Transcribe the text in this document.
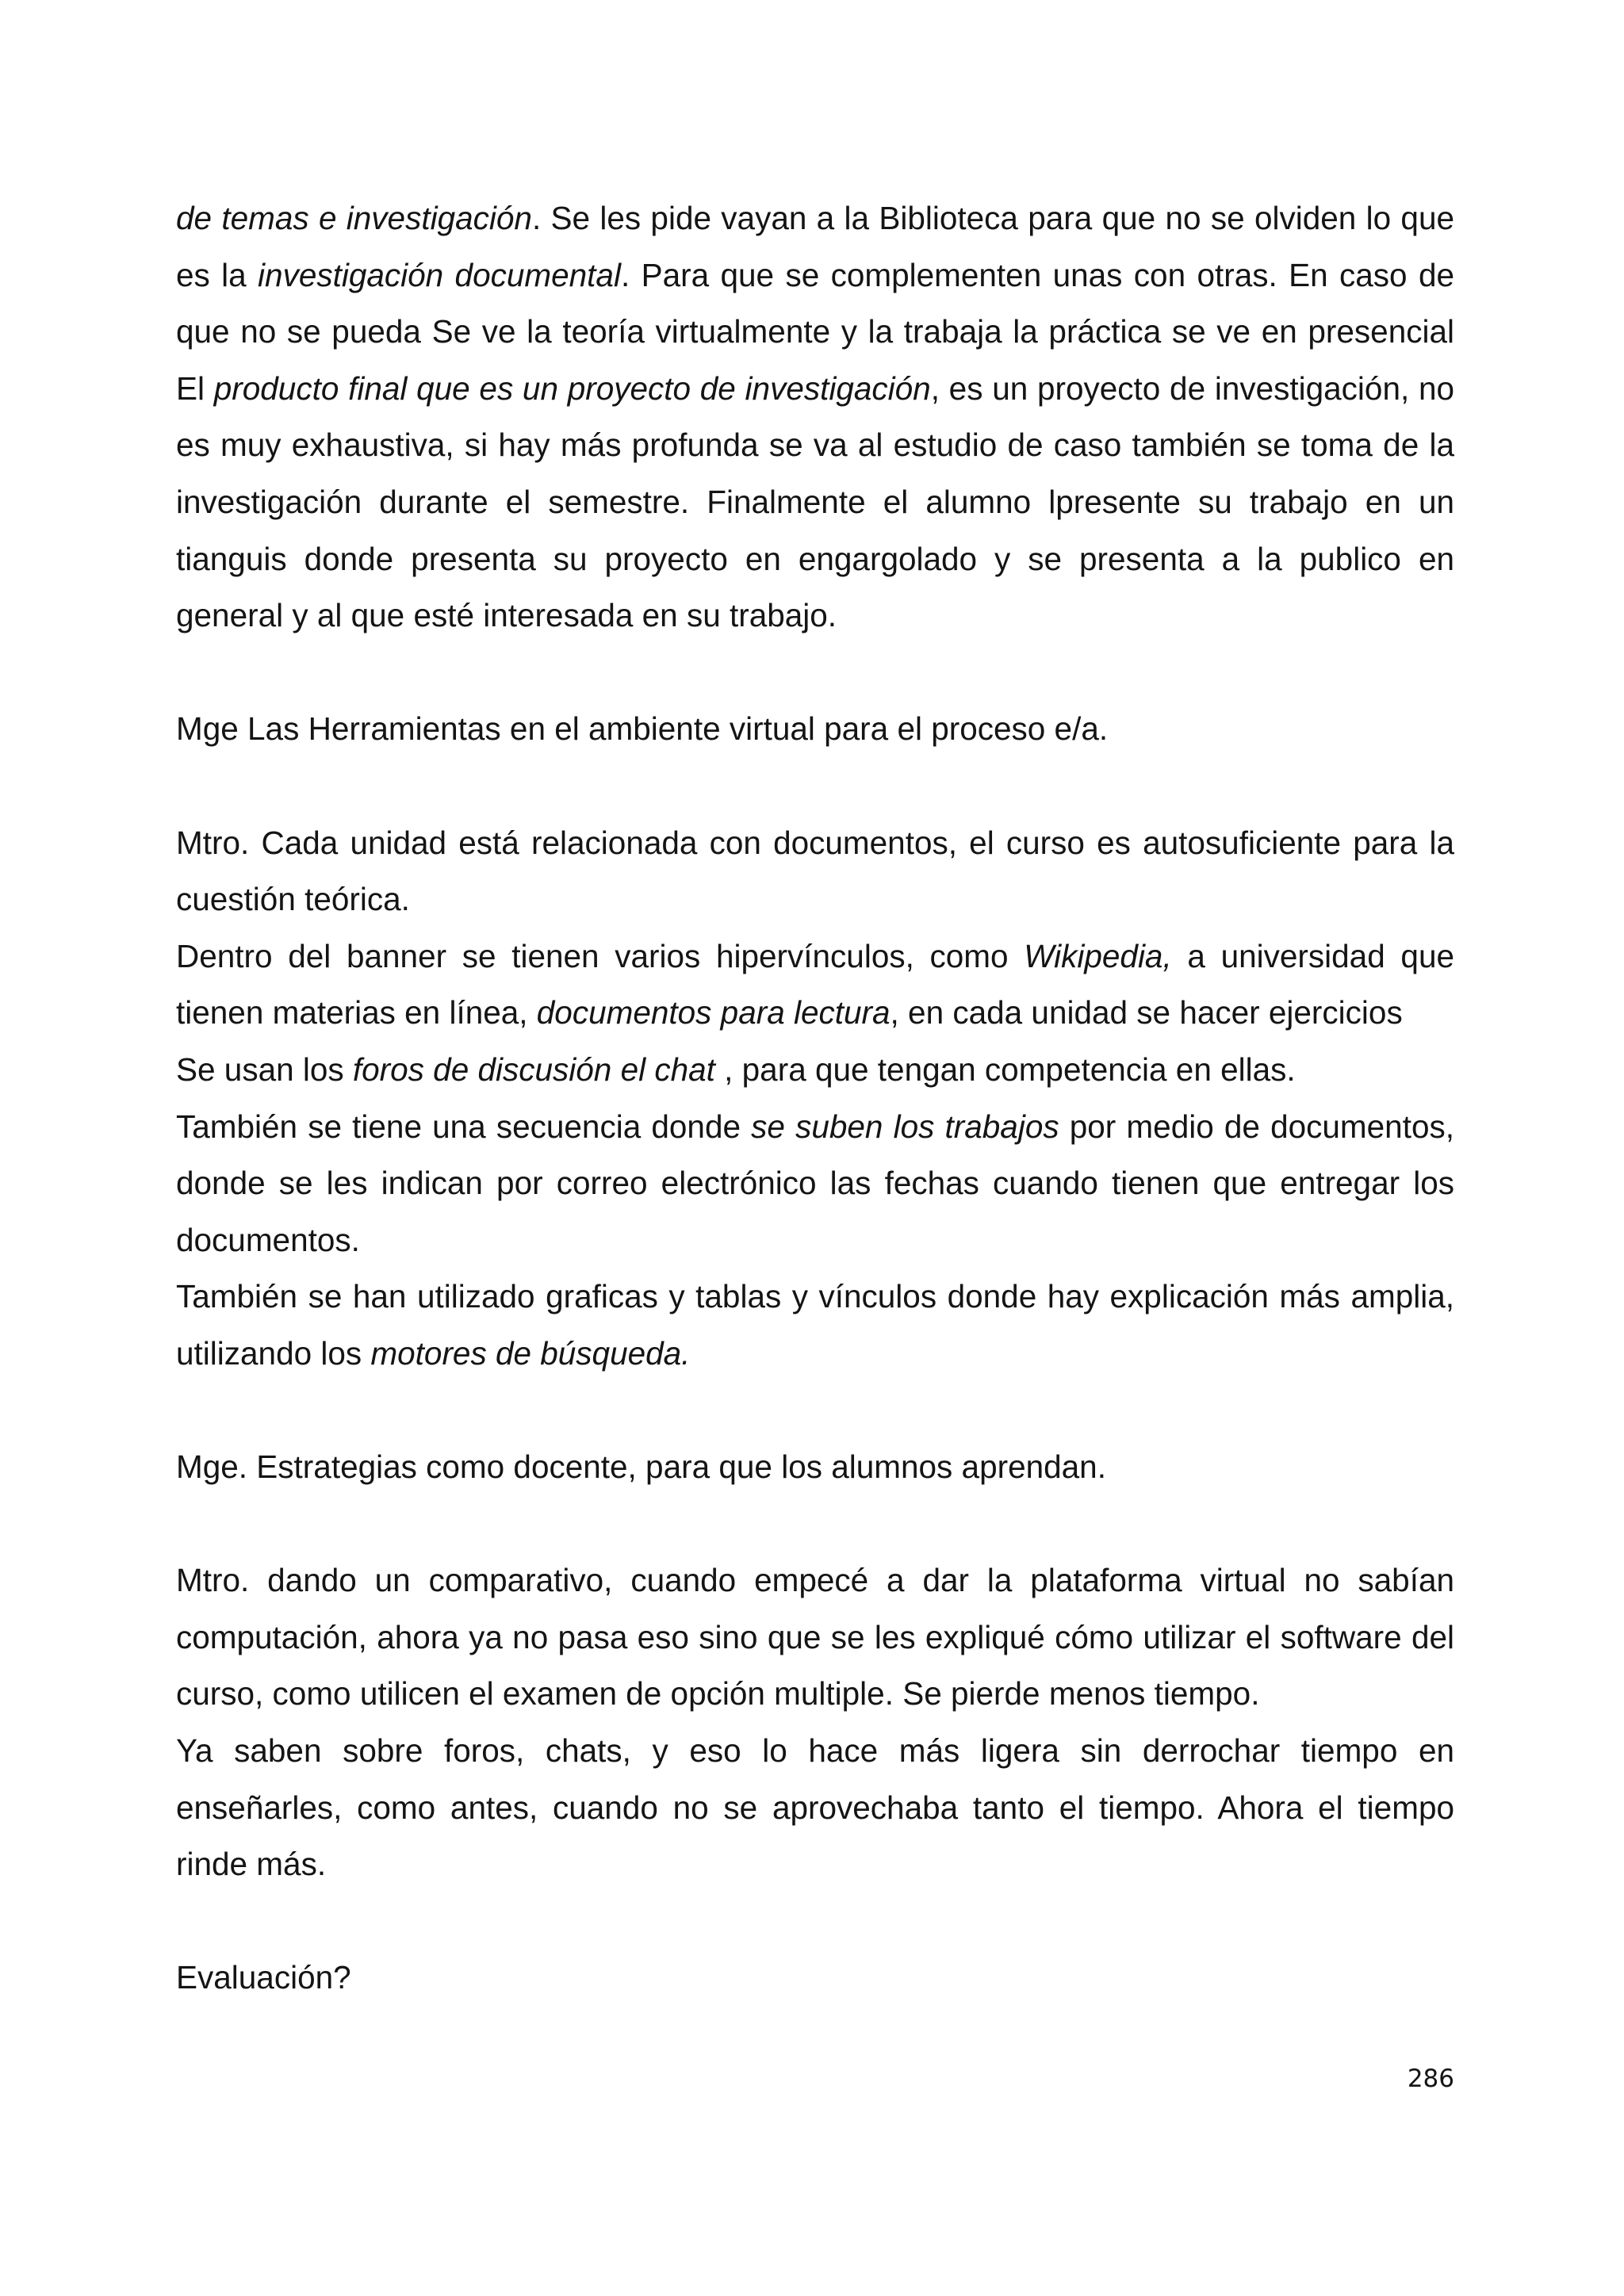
de temas e investigación. Se les pide vayan a la Biblioteca para que no se olviden lo que es la investigación documental. Para que se complementen unas con otras. En caso de que no se pueda Se ve la teoría virtualmente y la trabaja la práctica se ve en presencial El producto final que es un proyecto de investigación, es un proyecto de investigación, no es muy exhaustiva, si hay más profunda se va al estudio de caso también se toma de la investigación durante el semestre. Finalmente el alumno lpresente su trabajo en un tianguis donde presenta su proyecto en engargolado y se presenta a la publico en general y al que esté interesada en su trabajo.

Mge Las Herramientas en el ambiente virtual para el proceso e/a.

Mtro. Cada unidad está relacionada con documentos, el curso es autosuficiente para la cuestión teórica.

Dentro del banner se tienen varios hipervínculos, como Wikipedia, a universidad que tienen materias en línea, documentos para lectura, en cada unidad se hacer ejercicios

Se usan los foros de discusión el chat , para que tengan competencia en ellas.

También se tiene una secuencia donde se suben los trabajos por medio de documentos, donde se les indican por correo electrónico las fechas cuando tienen que entregar los documentos.

También se han utilizado graficas y tablas y vínculos donde hay explicación más amplia, utilizando los motores de búsqueda.

Mge. Estrategias como docente, para que los alumnos aprendan.

Mtro. dando un comparativo, cuando empecé a dar la plataforma virtual no sabían computación, ahora ya no pasa eso sino que se les expliqué cómo utilizar el software del curso, como utilicen el examen de opción multiple. Se pierde menos tiempo.

Ya saben sobre foros, chats, y eso lo hace más ligera sin derrochar tiempo en enseñarles, como antes, cuando no se aprovechaba tanto el tiempo. Ahora el tiempo rinde más.

Evaluación?

286
